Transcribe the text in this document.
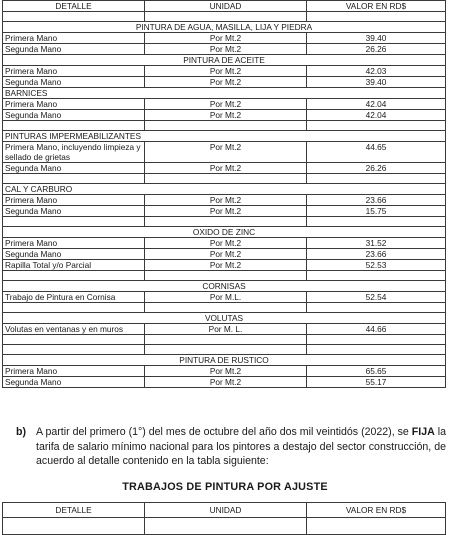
DETALLE	UNIDAD	VALOR EN RD$

PINTURA DE AGUA, MASILLA, LIJA Y PIEDRA		
Primera Mano	Por Mt.2	39.40
Segunda Mano	Por Mt.2	26.26
PINTURA DE ACEITE		
Primera Mano	Por Mt.2	42.03
Segunda Mano	Por Mt.2	39.40
BARNICES		
Primera Mano	Por Mt.2	42.04
Segunda Mano	Por Mt.2	42.04

PINTURAS IMPERMEABILIZANTES		
Primera Mano, incluyendo limpieza y sellado de grietas	Por Mt.2	44.65
Segunda Mano	Por Mt.2	26.26

CAL Y CARBURO		
Primera Mano	Por Mt.2	23.66
Segunda Mano	Por Mt.2	15.75

OXIDO DE ZINC		
Primera Mano	Por Mt.2	31.52
Segunda Mano	Por Mt.2	23.66
Rapilla Total y/o Parcial	Por Mt.2	52.53

CORNISAS		
Trabajo de Pintura en Cornisa	Por M.L.	52.54

VOLUTAS		
Volutas en ventanas y en muros	Por M. L.	44.66

PINTURA DE RUSTICO		
Primera Mano	Por Mt.2	65.65
Segunda Mano	Por Mt.2	55.17
b) A partir del primero (1°) del mes de octubre del año dos mil veintidós (2022), se FIJA la tarifa de salario mínimo nacional para los pintores a destajo del sector construcción, de acuerdo al detalle contenido en la tabla siguiente:
TRABAJOS DE PINTURA POR AJUSTE
DETALLE	UNIDAD	VALOR EN RD$
